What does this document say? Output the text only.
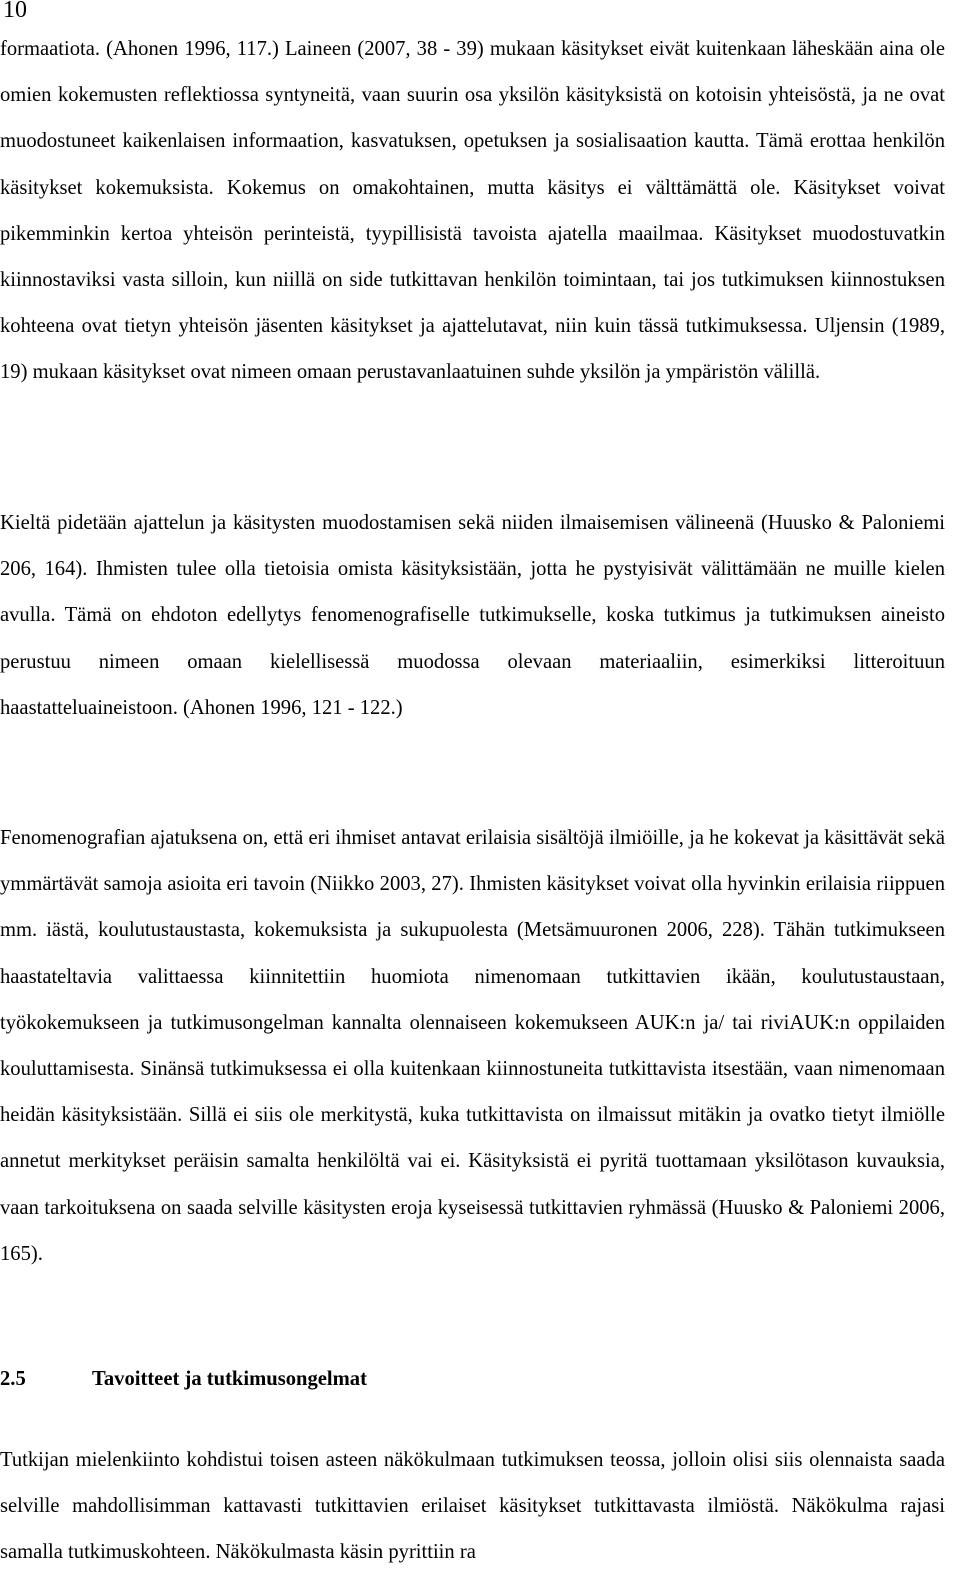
10

formaatiota. (Ahonen 1996, 117.) Laineen (2007, 38 - 39) mukaan käsitykset eivät kuitenkaan läheskään aina ole omien kokemusten reflektiossa syntyneitä, vaan suurin osa yksilön käsityksistä on kotoisin yhteisöstä, ja ne ovat muodostuneet kaikenlaisen informaation, kasvatuksen, opetuksen ja sosialisaation kautta. Tämä erottaa henkilön käsitykset kokemuksista. Kokemus on omakohtainen, mutta käsitys ei välttämättä ole. Käsitykset voivat pikemminkin kertoa yhteisön perinteistä, tyypillisistä tavoista ajatella maailmaa. Käsitykset muodostuvatkin kiinnostaviksi vasta silloin, kun niillä on side tutkittavan henkilön toimintaan, tai jos tutkimuksen kiinnostuksen kohteena ovat tietyn yhteisön jäsenten käsitykset ja ajattelutavat, niin kuin tässä tutkimuksessa. Uljensin (1989, 19) mukaan käsitykset ovat nimeen omaan perustavanlaatuinen suhde yksilön ja ympäristön välillä.

Kieltä pidetään ajattelun ja käsitysten muodostamisen sekä niiden ilmaisemisen välineenä (Huusko & Paloniemi 206, 164). Ihmisten tulee olla tietoisia omista käsityksistään, jotta he pystyisivät välittämään ne muille kielen avulla. Tämä on ehdoton edellytys fenomenografiselle tutkimukselle, koska tutkimus ja tutkimuksen aineisto perustuu nimeen omaan kielellisessä muodossa olevaan materiaaliin, esimerkiksi litteroituun haastatteluaineistoon. (Ahonen 1996, 121 - 122.)

Fenomenografian ajatuksena on, että eri ihmiset antavat erilaisia sisältöjä ilmiöille, ja he kokevat ja käsittävät sekä ymmärtävät samoja asioita eri tavoin (Niikko 2003, 27). Ihmisten käsitykset voivat olla hyvinkin erilaisia riippuen mm. iästä, koulutustaustasta, kokemuksista ja sukupuolesta (Metsämuuronen 2006, 228). Tähän tutkimukseen haastateltavia valittaessa kiinnitettiin huomiota nimenomaan tutkittavien ikään, koulutustaustaan, työkokemukseen ja tutkimusongelman kannalta olennaiseen kokemukseen AUK:n ja/ tai riviAUK:n oppilaiden kouluttamisesta. Sinänsä tutkimuksessa ei olla kuitenkaan kiinnostuneita tutkittavista itsestään, vaan nimenomaan heidän käsityksistään. Sillä ei siis ole merkitystä, kuka tutkittavista on ilmaissut mitäkin ja ovatko tietyt ilmiölle annetut merkitykset peräisin samalta henkilöltä vai ei. Käsityksistä ei pyritä tuottamaan yksilötason kuvauksia, vaan tarkoituksena on saada selville käsitysten eroja kyseisessä tutkittavien ryhmässä (Huusko & Paloniemi 2006, 165).

2.5	Tavoitteet ja tutkimusongelmat

Tutkijan mielenkiinto kohdistui toisen asteen näkökulmaan tutkimuksen teossa, jolloin olisi siis olennaista saada selville mahdollisimman kattavasti tutkittavien erilaiset käsitykset tutkittavasta ilmiöstä. Näkökulma rajasi samalla tutkimuskohteen. Näkökulmasta käsin pyrittiin ra
